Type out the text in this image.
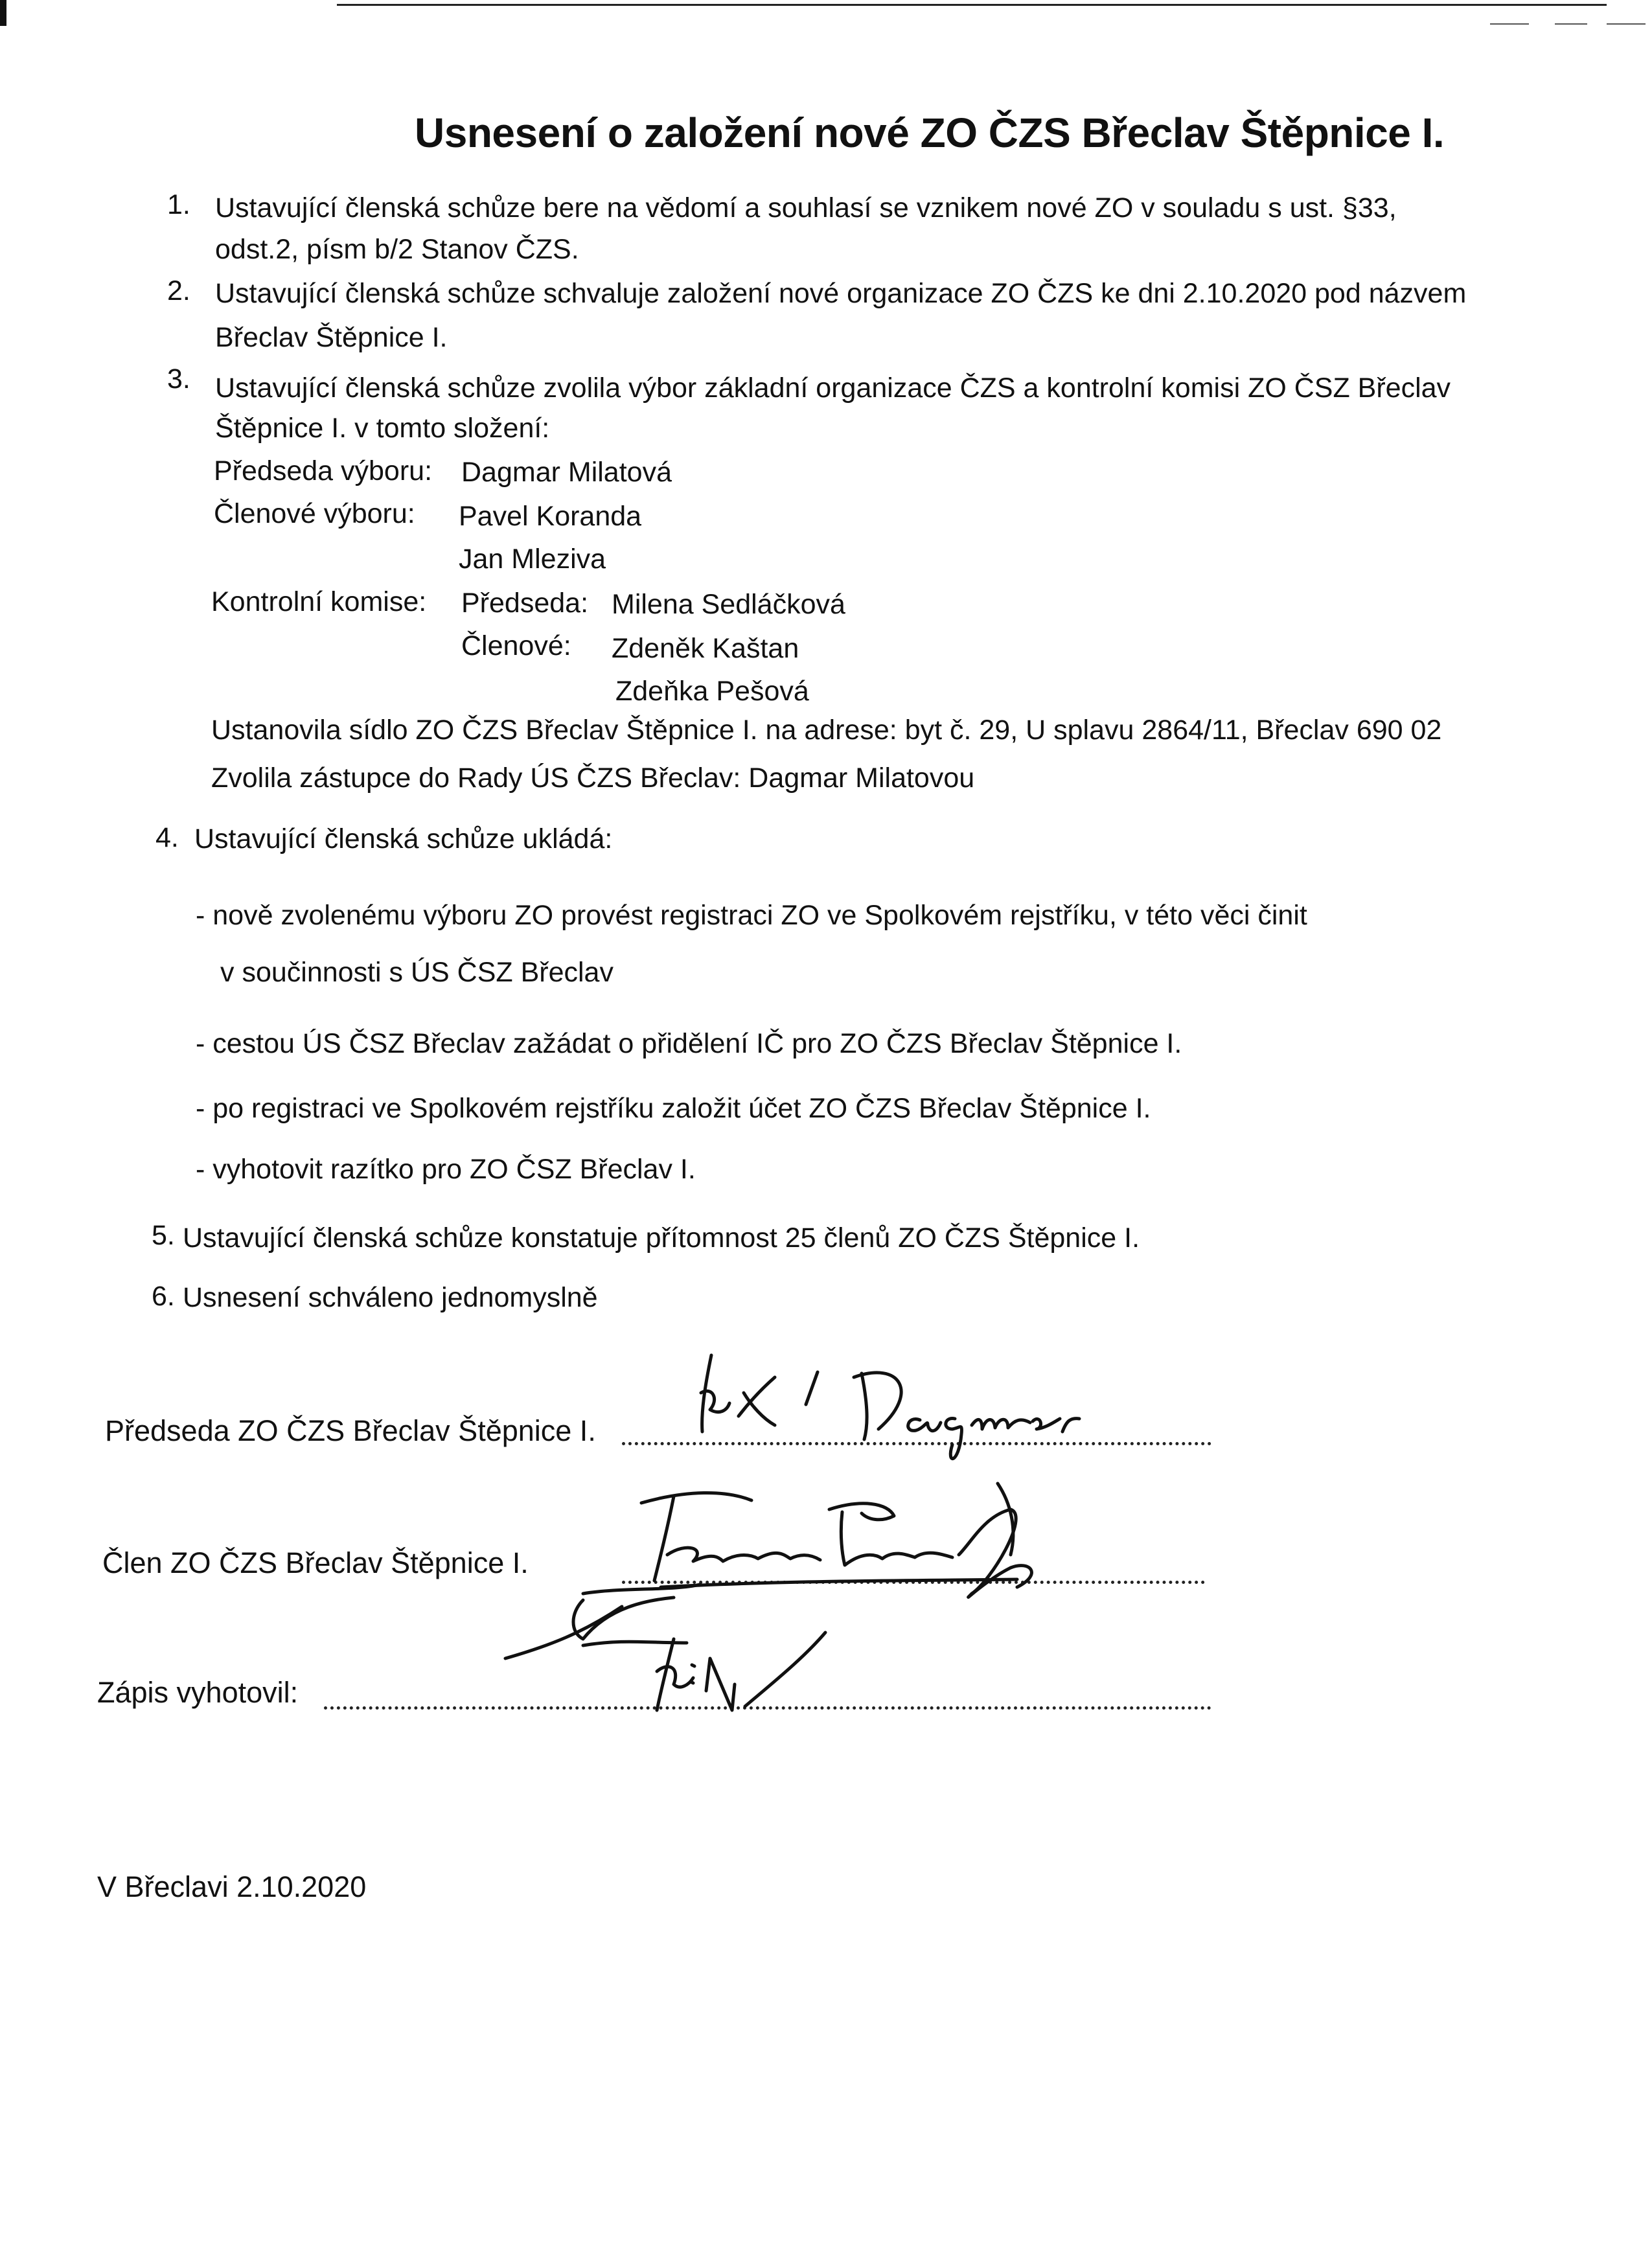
Usnesení o založení nové ZO ČZS Břeclav Štěpnice I.
1. Ustavující členská schůze bere na vědomí a souhlasí se vznikem nové ZO v souladu s ust. §33,
odst.2, písm b/2 Stanov ČZS.
2. Ustavující členská schůze schvaluje založení nové organizace ZO ČZS ke dni 2.10.2020 pod názvem
Břeclav Štěpnice I.
3. Ustavující členská schůze zvolila výbor základní organizace ČZS a kontrolní komisi ZO ČSZ Břeclav
Štěpnice I. v tomto složení:
Předseda výboru: Dagmar Milatová
Členové výboru: Pavel Koranda
Jan Mleziva
Kontrolní komise: Předseda: Milena Sedláčková
Členové: Zdeněk Kaštan
Zdeňka Pešová
Ustanovila sídlo ZO ČZS Břeclav Štěpnice I. na adrese: byt č. 29, U splavu 2864/11, Břeclav 690 02
Zvolila zástupce do Rady ÚS ČZS Břeclav: Dagmar Milatovou
4. Ustavující členská schůze ukládá:
- nově zvolenému výboru ZO provést registraci ZO ve Spolkovém rejstříku, v této věci činit
v součinnosti s ÚS ČSZ Břeclav
- cestou ÚS ČSZ Břeclav zažádat o přidělení IČ pro ZO ČZS Břeclav Štěpnice I.
- po registraci ve Spolkovém rejstříku založit účet ZO ČZS Břeclav Štěpnice I.
- vyhotovit razítko pro ZO ČSZ Břeclav I.
5. Ustavující členská schůze konstatuje přítomnost 25 členů ZO ČZS Štěpnice I.
6. Usnesení schváleno jednomyslně
Předseda ZO ČZS Břeclav Štěpnice I.
Člen ZO ČZS Břeclav Štěpnice I.
Zápis vyhotovil:
V Břeclavi 2.10.2020
